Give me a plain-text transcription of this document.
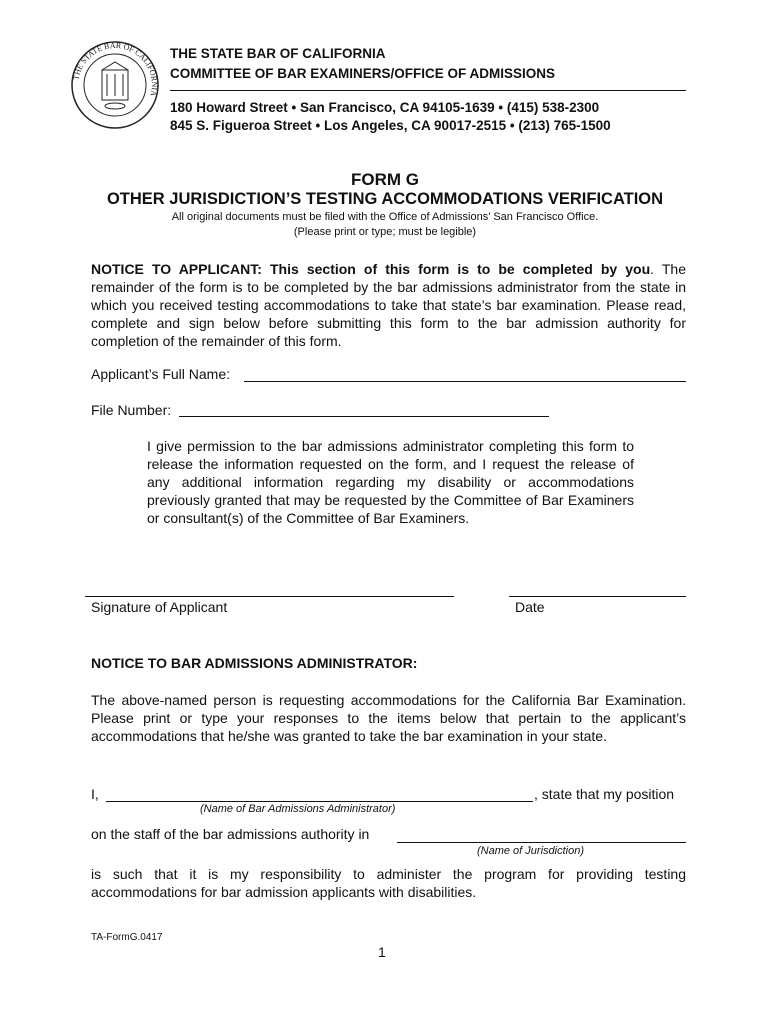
THE STATE BAR OF CALIFORNIA
THE STATE BAR OF CALIFORNIA
COMMITTEE OF BAR EXAMINERS/OFFICE OF ADMISSIONS
180 Howard Street • San Francisco, CA 94105-1639 • (415) 538-2300
845 S. Figueroa Street • Los Angeles, CA 90017-2515 • (213) 765-1500
FORM G
OTHER JURISDICTION’S TESTING ACCOMMODATIONS VERIFICATION
All original documents must be filed with the Office of Admissions’ San Francisco Office.
(Please print or type; must be legible)
NOTICE TO APPLICANT: This section of this form is to be completed by you. The remainder of the form is to be completed by the bar admissions administrator from the state in which you received testing accommodations to take that state’s bar examination. Please read, complete and sign below before submitting this form to the bar admission authority for completion of the remainder of this form.
Applicant’s Full Name:
File Number:
I give permission to the bar admissions administrator completing this form to release the information requested on the form, and I request the release of any additional information regarding my disability or accommodations previously granted that may be requested by the Committee of Bar Examiners or consultant(s) of the Committee of Bar Examiners.
Signature of Applicant	Date
NOTICE TO BAR ADMISSIONS ADMINISTRATOR:
The above-named person is requesting accommodations for the California Bar Examination. Please print or type your responses to the items below that pertain to the applicant’s accommodations that he/she was granted to take the bar examination in your state.
I,	, state that my position
(Name of Bar Admissions Administrator)
on the staff of the bar admissions authority in
(Name of Jurisdiction)
is such that it is my responsibility to administer the program for providing testing accommodations for bar admission applicants with disabilities.
TA-FormG.0417
1
